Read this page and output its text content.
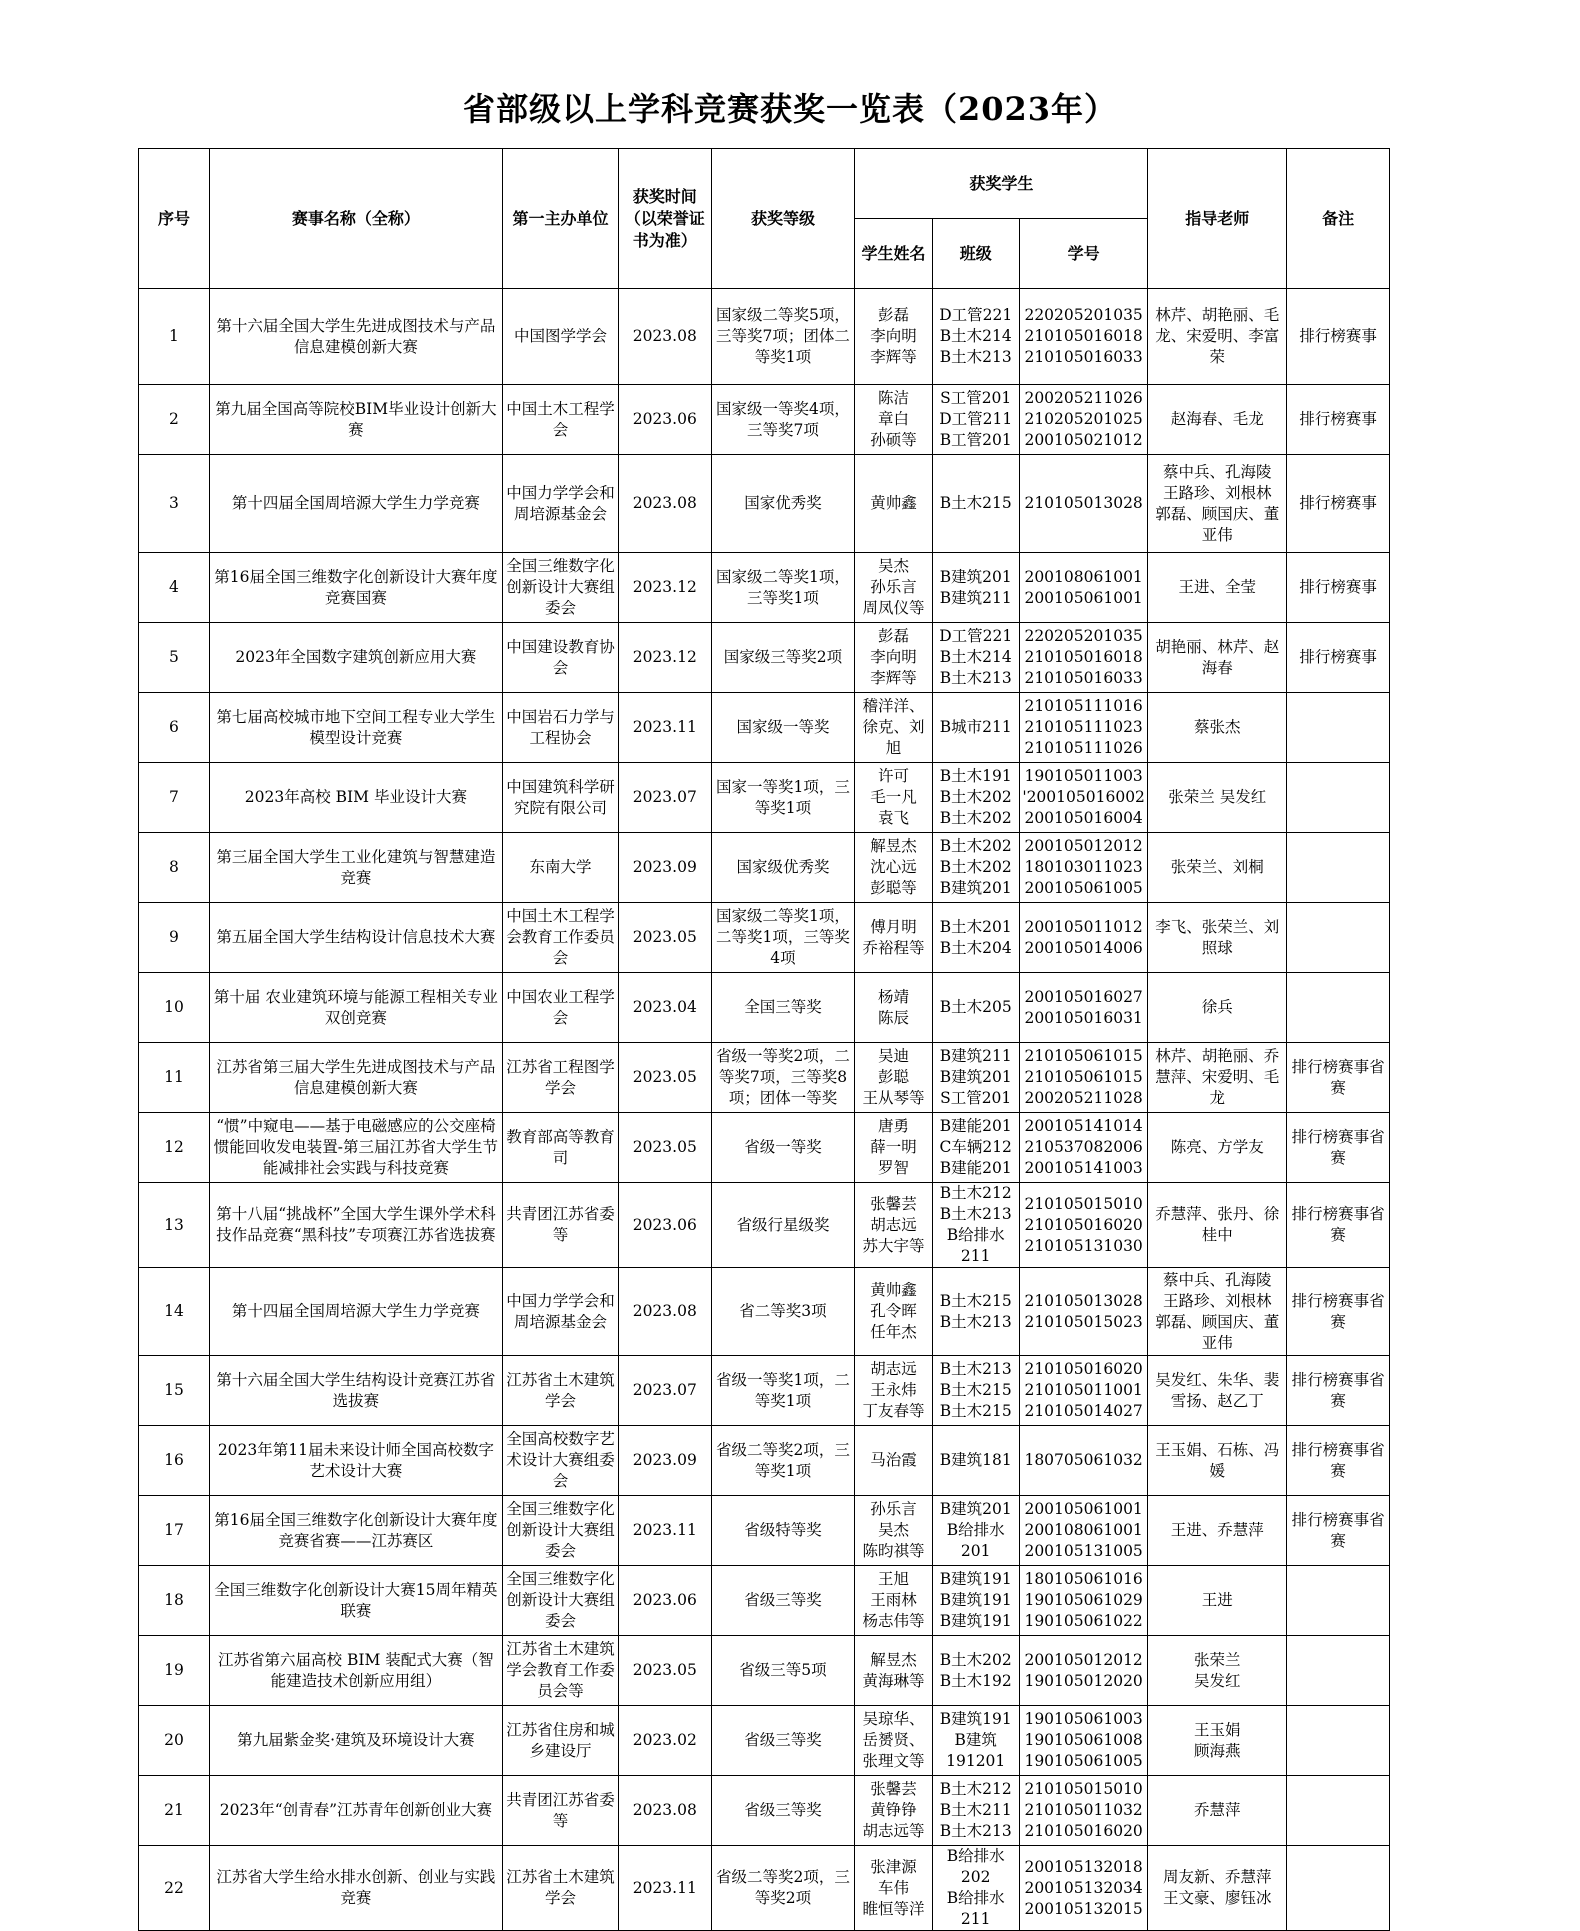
省部级以上学科竞赛获奖一览表（2023年）
序号	赛事名称（全称）	第一主办单位	获奖时间（以荣誉证书为准）	获奖等级	获奖学生			指导老师	备注
					学生姓名	班级	学号		
1	第十六届全国大学生先进成图技术与产品信息建模创新大赛	中国图学学会	2023.08	国家级二等奖5项，三等奖7项；团体二等奖1项	彭磊
李向明
李辉等	D工管221
B土木214
B土木213	220205201035
210105016018
210105016033	林芹、胡艳丽、毛龙、宋爱明、李富荣	排行榜赛事
2	第九届全国高等院校BIM毕业设计创新大赛	中国土木工程学会	2023.06	国家级一等奖4项，三等奖7项	陈洁
章白
孙硕等	S工管201
D工管211
B工管201	200205211026
210205201025
200105021012	赵海春、毛龙	排行榜赛事
3	第十四届全国周培源大学生力学竞赛	中国力学学会和周培源基金会	2023.08	国家优秀奖	黄帅鑫	B土木215	210105013028	蔡中兵、孔海陵
王路珍、刘根林
郭磊、顾国庆、董亚伟	排行榜赛事
4	第16届全国三维数字化创新设计大赛年度竞赛国赛	全国三维数字化创新设计大赛组委会	2023.12	国家级二等奖1项，三等奖1项	吴杰
孙乐言
周凤仪等	B建筑201
B建筑211	200108061001
200105061001	王进、全莹	排行榜赛事
5	2023年全国数字建筑创新应用大赛	中国建设教育协会	2023.12	国家级三等奖2项	彭磊
李向明
李辉等	D工管221
B土木214
B土木213	220205201035
210105016018
210105016033	胡艳丽、林芹、赵海春	排行榜赛事
6	第七届高校城市地下空间工程专业大学生模型设计竞赛	中国岩石力学与工程协会	2023.11	国家级一等奖	稽洋洋、徐克、刘旭	B城市211	210105111016
210105111023
210105111026	蔡张杰	
7	2023年高校 BIM 毕业设计大赛	中国建筑科学研究院有限公司	2023.07	国家一等奖1项，三等奖1项	许可
毛一凡
袁飞	B土木191
B土木202
B土木202	190105011003
'200105016002
200105016004	张荣兰 吴发红	
8	第三届全国大学生工业化建筑与智慧建造竞赛	东南大学	2023.09	国家级优秀奖	解昱杰
沈心远
彭聪等	B土木202
B土木202
B建筑201	200105012012
180103011023
200105061005	张荣兰、刘桐	
9	第五届全国大学生结构设计信息技术大赛	中国土木工程学会教育工作委员会	2023.05	国家级二等奖1项，二等奖1项，三等奖4项	傅月明
乔裕程等	B土木201
B土木204	200105011012
200105014006	李飞、张荣兰、刘照球	
10	第十届 农业建筑环境与能源工程相关专业 双创竞赛	中国农业工程学会	2023.04	全国三等奖	杨靖
陈辰	B土木205	200105016027
200105016031	徐兵	
11	江苏省第三届大学生先进成图技术与产品信息建模创新大赛	江苏省工程图学学会	2023.05	省级一等奖2项，二等奖7项，三等奖8项；团体一等奖	吴迪
彭聪
王从琴等	B建筑211
B建筑201
S工管201	210105061015
210105061015
200205211028	林芹、胡艳丽、乔慧萍、宋爱明、毛龙	排行榜赛事省赛
12	“惯”中窥电——基于电磁感应的公交座椅惯能回收发电装置-第三届江苏省大学生节能减排社会实践与科技竞赛	教育部高等教育司	2023.05	省级一等奖	唐勇
薛一明
罗智	B建能201
C车辆212
B建能201	200105141014
210537082006
200105141003	陈亮、方学友	排行榜赛事省赛
13	第十八届“挑战杯”全国大学生课外学术科技作品竞赛“黑科技”专项赛江苏省选拔赛	共青团江苏省委等	2023.06	省级行星级奖	张馨芸
胡志远
苏大宇等	B土木212
B土木213
B给排水211	210105015010
210105016020
210105131030	乔慧萍、张丹、徐桂中	排行榜赛事省赛
14	第十四届全国周培源大学生力学竞赛	中国力学学会和周培源基金会	2023.08	省二等奖3项	黄帅鑫
孔令晖
任年杰	B土木215
B土木213	210105013028
210105015023	蔡中兵、孔海陵
王路珍、刘根林
郭磊、顾国庆、董亚伟	排行榜赛事省赛
15	第十六届全国大学生结构设计竞赛江苏省选拔赛	江苏省土木建筑学会	2023.07	省级一等奖1项，二等奖1项	胡志远
王永炜
丁友春等	B土木213
B土木215
B土木215	210105016020
210105011001
210105014027	吴发红、朱华、裴雪扬、赵乙丁	排行榜赛事省赛
16	2023年第11届未来设计师全国高校数字艺术设计大赛	全国高校数字艺术设计大赛组委会	2023.09	省级二等奖2项，三等奖1项	马治霞	B建筑181	180705061032	王玉娟、石栋、冯媛	排行榜赛事省赛
17	第16届全国三维数字化创新设计大赛年度竞赛省赛——江苏赛区	全国三维数字化创新设计大赛组委会	2023.11	省级特等奖	孙乐言
吴杰
陈昀祺等	B建筑201
B给排水201	200105061001
200108061001
200105131005	王进、乔慧萍	排行榜赛事省赛
18	全国三维数字化创新设计大赛15周年精英联赛	全国三维数字化创新设计大赛组委会	2023.06	省级三等奖	王旭
王雨林
杨志伟等	B建筑191
B建筑191
B建筑191	180105061016
190105061029
190105061022	王进	
19	江苏省第六届高校 BIM 装配式大赛（智能建造技术创新应用组）	江苏省土木建筑学会教育工作委员会等	2023.05	省级三等5项	解昱杰
黄海琳等	B土木202
B土木192	200105012012
190105012020	张荣兰
吴发红	
20	第九届紫金奖·建筑及环境设计大赛	江苏省住房和城乡建设厅	2023.02	省级三等奖	吴琼华、岳赟贤、张理文等	B建筑191
B建筑191201	190105061003
190105061008
190105061005	王玉娟
顾海燕	
21	2023年“创青春”江苏青年创新创业大赛	共青团江苏省委等	2023.08	省级三等奖	张馨芸
黄铮铮
胡志远等	B土木212
B土木211
B土木213	210105015010
210105011032
210105016020	乔慧萍	
22	江苏省大学生给水排水创新、创业与实践竞赛	江苏省土木建筑学会	2023.11	省级二等奖2项，三等奖2项	张津源
车伟
睢恒等洋	B给排水202
B给排水211	200105132018
200105132034
200105132015	周友新、乔慧萍
王文豪、廖钰冰	
